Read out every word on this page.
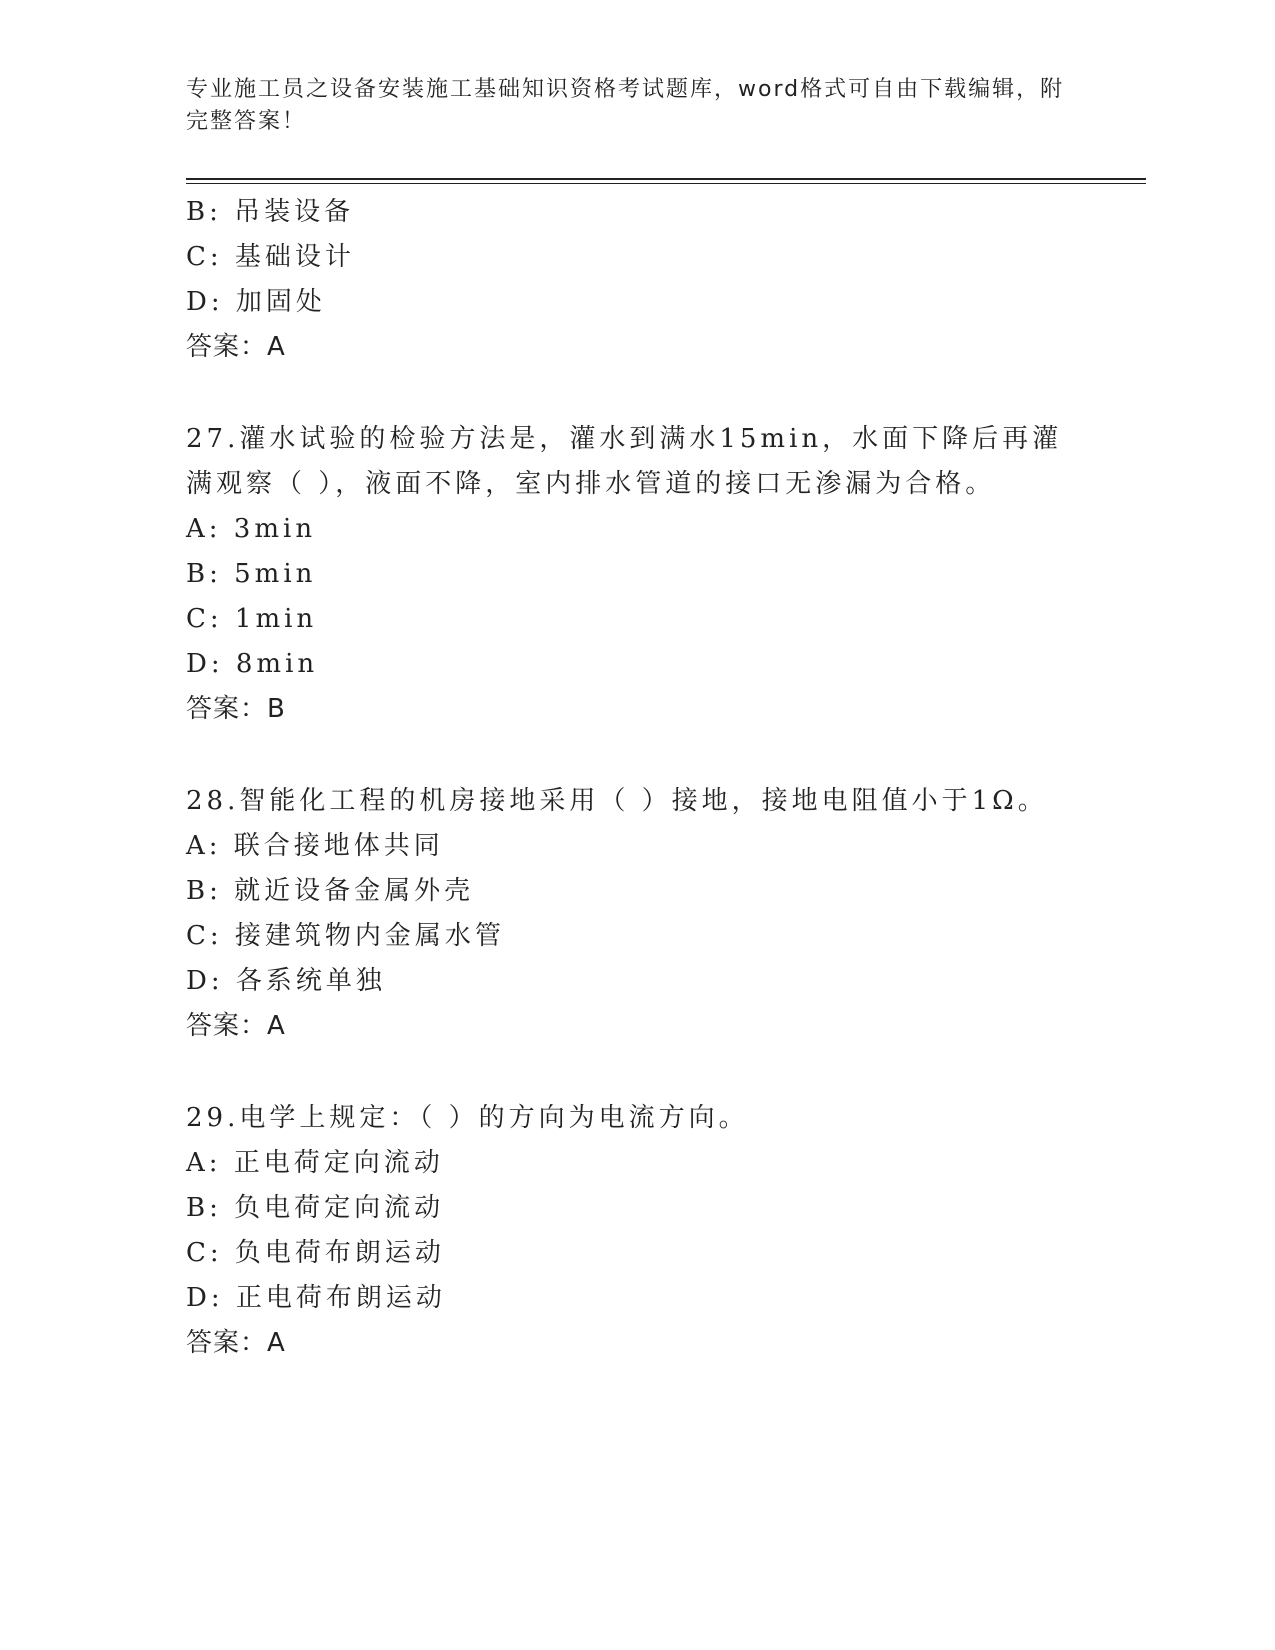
专业施工员之设备安装施工基础知识资格考试题库，word格式可自由下载编辑，附完整答案！
B: 吊装设备
C: 基础设计
D: 加固处
答案：A
27.灌水试验的检验方法是，灌水到满水15min，水面下降后再灌满观察（ ），液面不降，室内排水管道的接口无渗漏为合格。
A: 3min
B: 5min
C: 1min
D: 8min
答案：B
28.智能化工程的机房接地采用（ ）接地，接地电阻值小于1Ω。
A: 联合接地体共同
B: 就近设备金属外壳
C: 接建筑物内金属水管
D: 各系统单独
答案：A
29.电学上规定：（ ）的方向为电流方向。
A: 正电荷定向流动
B: 负电荷定向流动
C: 负电荷布朗运动
D: 正电荷布朗运动
答案：A
